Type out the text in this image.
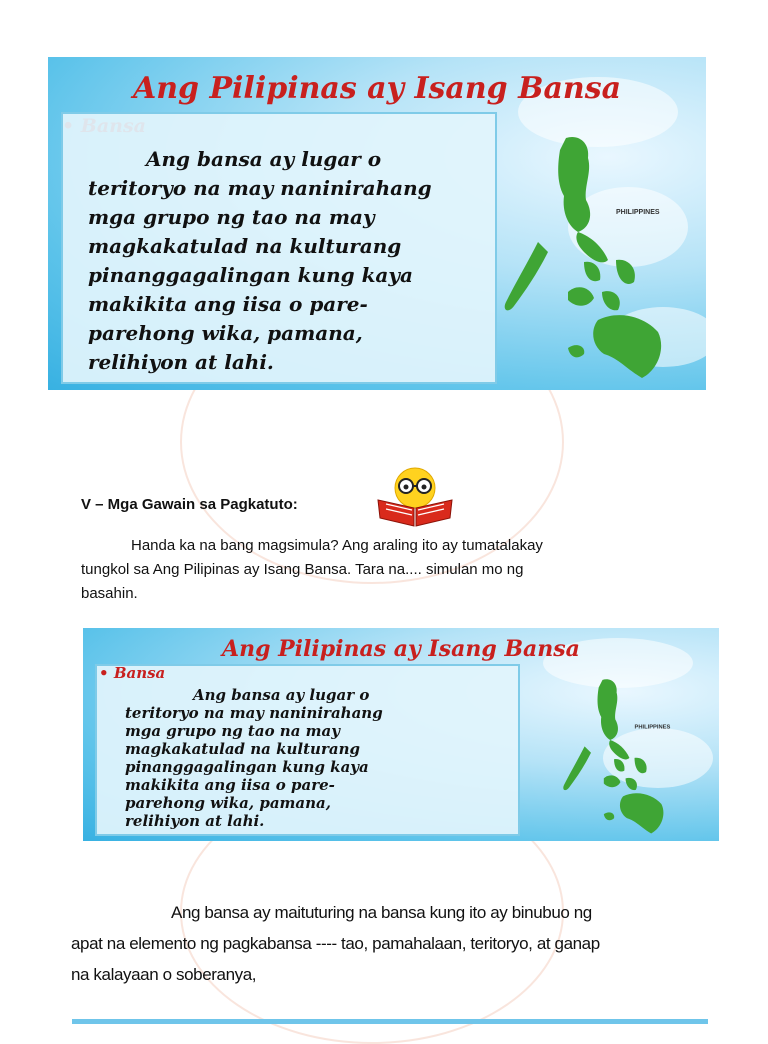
Ang Pilipinas ay Isang Bansa
Ang bansa ay lugar o
teritoryo na may naninirahang
mga grupo ng tao na may
magkakatulad na kulturang
pinanggagalingan kung kaya
makikita ang iisa o pare-
parehong wika, pamana,
relihiyon at lahi.
PHILIPPINES
V – Mga Gawain sa Pagkatuto:
Handa ka na bang magsimula? Ang araling ito ay tumatalakay
tungkol sa Ang Pilipinas ay Isang Bansa. Tara na.... simulan mo ng
basahin.
Ang Pilipinas ay Isang Bansa
• Bansa
Ang bansa ay lugar o
teritoryo na may naninirahang
mga grupo ng tao na may
magkakatulad na kulturang
pinanggagalingan kung kaya
makikita ang iisa o pare-
parehong wika, pamana,
relihiyon at lahi.
PHILIPPINES
Ang bansa ay maituturing na bansa kung ito ay binubuo ng
apat na elemento ng pagkabansa ---- tao, pamahalaan, teritoryo, at ganap
na kalayaan o soberanya,
